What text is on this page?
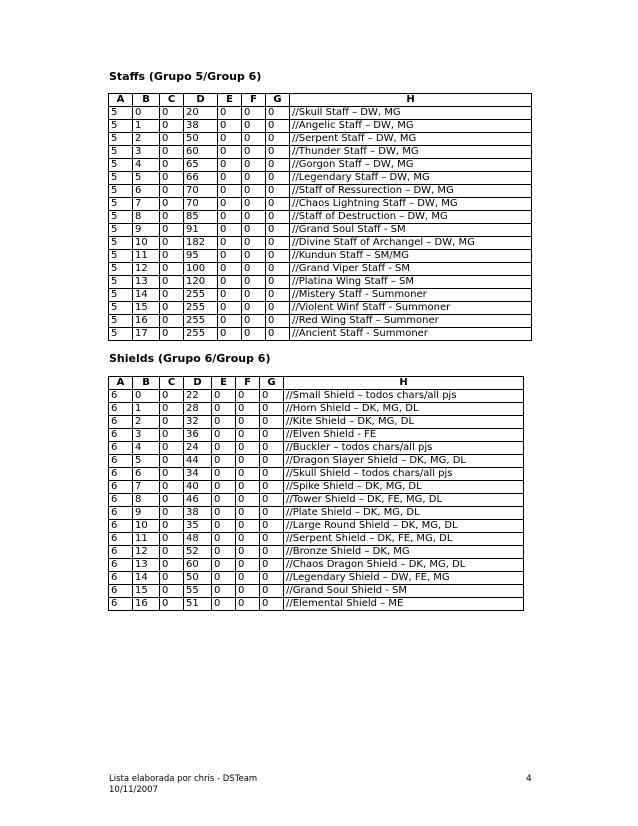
Staffs (Grupo 5/Group 6)
A	B	C	D	E	F	G	H
5	0	0	20	0	0	0	//Skull Staff – DW, MG
5	1	0	38	0	0	0	//Angelic Staff – DW, MG
5	2	0	50	0	0	0	//Serpent Staff – DW, MG
5	3	0	60	0	0	0	//Thunder Staff – DW, MG
5	4	0	65	0	0	0	//Gorgon Staff – DW, MG
5	5	0	66	0	0	0	//Legendary Staff – DW, MG
5	6	0	70	0	0	0	//Staff of Ressurection – DW, MG
5	7	0	70	0	0	0	//Chaos Lightning Staff – DW, MG
5	8	0	85	0	0	0	//Staff of Destruction – DW, MG
5	9	0	91	0	0	0	//Grand Soul Staff - SM
5	10	0	182	0	0	0	//Divine Staff of Archangel – DW, MG
5	11	0	95	0	0	0	//Kundun Staff – SM/MG
5	12	0	100	0	0	0	//Grand Viper Staff - SM
5	13	0	120	0	0	0	//Platina Wing Staff – SM
5	14	0	255	0	0	0	//Mistery Staff - Summoner
5	15	0	255	0	0	0	//Violent Winf Staff - Summoner
5	16	0	255	0	0	0	//Red Wing Staff – Summoner
5	17	0	255	0	0	0	//Ancient Staff - Summoner
Shields (Grupo 6/Group 6)
A	B	C	D	E	F	G	H
6	0	0	22	0	0	0	//Small Shield – todos chars/all pjs
6	1	0	28	0	0	0	//Horn Shield – DK, MG, DL
6	2	0	32	0	0	0	//Kite Shield – DK, MG, DL
6	3	0	36	0	0	0	//Elven Shield - FE
6	4	0	24	0	0	0	//Buckler – todos chars/all pjs
6	5	0	44	0	0	0	//Dragon Slayer Shield – DK, MG, DL
6	6	0	34	0	0	0	//Skull Shield – todos chars/all pjs
6	7	0	40	0	0	0	//Spike Shield – DK, MG, DL
6	8	0	46	0	0	0	//Tower Shield – DK, FE, MG, DL
6	9	0	38	0	0	0	//Plate Shield – DK, MG, DL
6	10	0	35	0	0	0	//Large Round Shield – DK, MG, DL
6	11	0	48	0	0	0	//Serpent Shield – DK, FE, MG, DL
6	12	0	52	0	0	0	//Bronze Shield – DK, MG
6	13	0	60	0	0	0	//Chaos Dragon Shield – DK, MG, DL
6	14	0	50	0	0	0	//Legendary Shield – DW, FE, MG
6	15	0	55	0	0	0	//Grand Soul Shield - SM
6	16	0	51	0	0	0	//Elemental Shield – ME
Lista elaborada por chris - DSTeam
10/11/2007
4
